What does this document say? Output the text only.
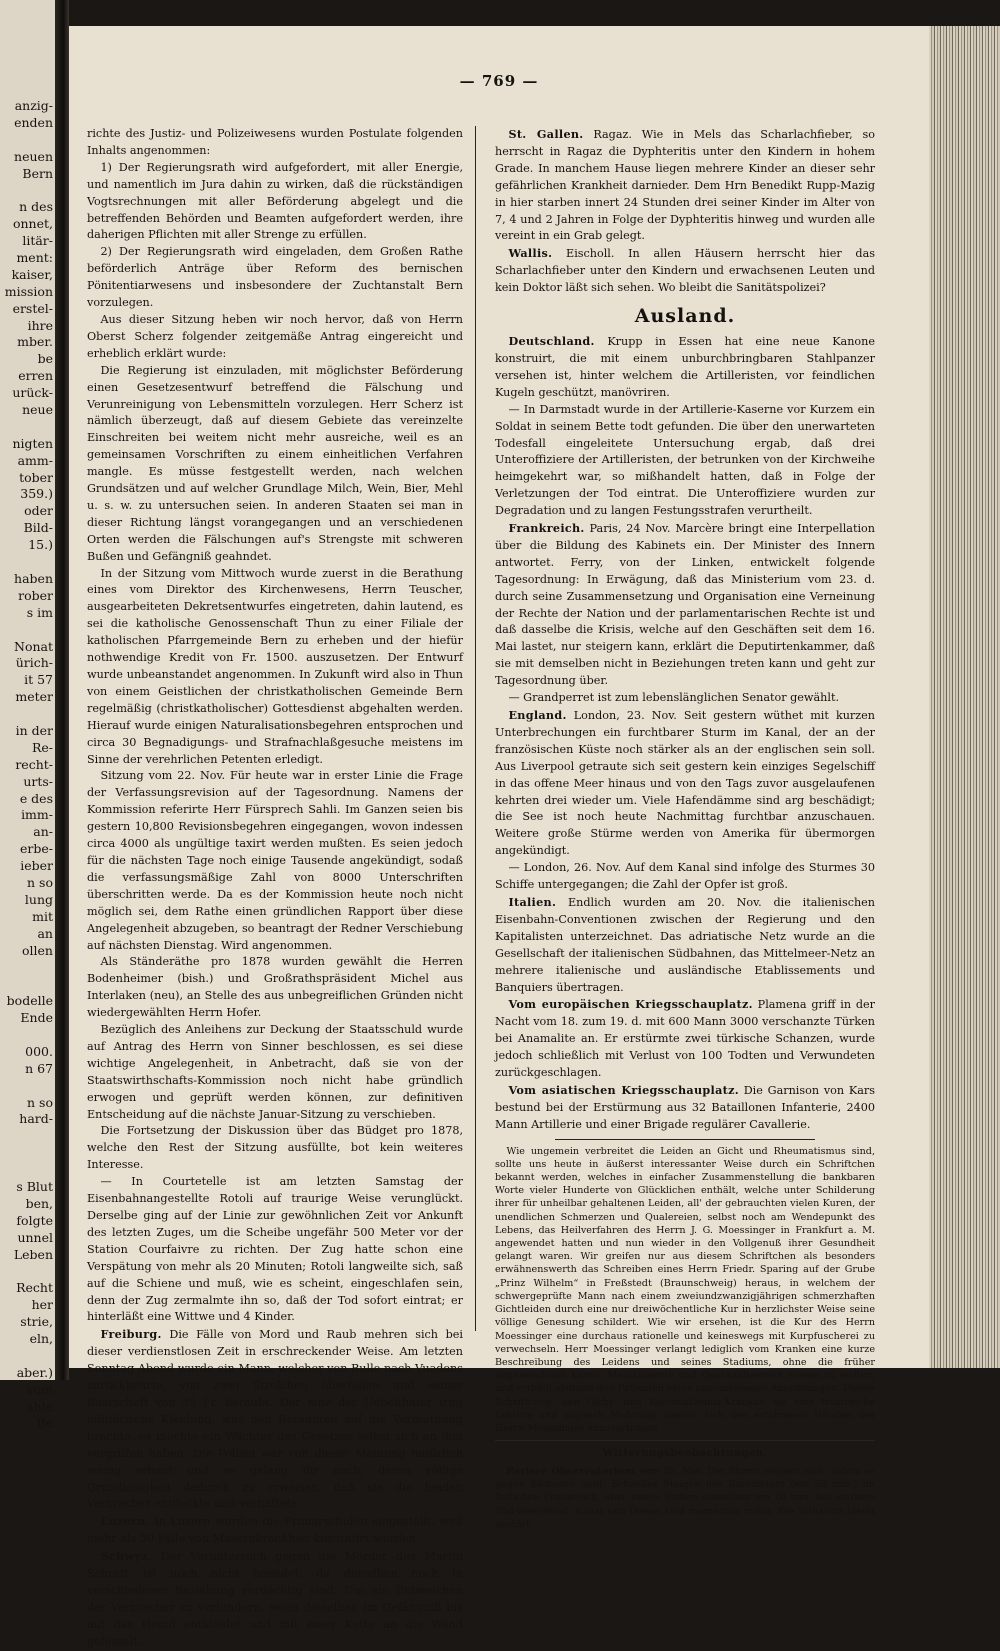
anzig-
enden
neuen
Bern
n des
onnet,
litär-
ment:
kaiser,
mission
erstel-
ihre
mber.
be
erren
urück-
neue
nigten
amm-
tober
359.)
oder
Bild-
15.)
haben
rober
s im
Nonat
ürich-
it 57
meter
in der
Re-
recht-
urts-
e des
imm-
an-
erbe-
ieber
n so
lung
mit
an
ollen
bodelle
Ende
000.
n 67
n so
hard-
s Blut
ben,
folgte
unnel
Leben
Recht
her
strie,
eln,
aber.)
vom
ahle
Be
— 769 —

richte des Justiz- und Polizeiwesens wurden Postulate folgenden Inhalts angenommen:

1) Der Regierungsrath wird aufgefordert, mit aller Energie, und namentlich im Jura dahin zu wirken, daß die rückständigen Vogtsrechnungen mit aller Beförderung abgelegt und die betreffenden Behörden und Beamten aufgefordert werden, ihre daherigen Pflichten mit aller Strenge zu erfüllen.

2) Der Regierungsrath wird eingeladen, dem Großen Rathe beförderlich Anträge über Reform des bernischen Pönitentiarwesens und insbesondere der Zuchtanstalt Bern vorzulegen.

Aus dieser Sitzung heben wir noch hervor, daß von Herrn Oberst Scherz folgender zeitgemäße Antrag eingereicht und erheblich erklärt wurde:

Die Regierung ist einzuladen, mit möglichster Beförderung einen Gesetzesentwurf betreffend die Fälschung und Verunreinigung von Lebensmitteln vorzulegen. Herr Scherz ist nämlich überzeugt, daß auf diesem Gebiete das vereinzelte Einschreiten bei weitem nicht mehr ausreiche, weil es an gemeinsamen Vorschriften zu einem einheitlichen Verfahren mangle. Es müsse festgestellt werden, nach welchen Grundsätzen und auf welcher Grundlage Milch, Wein, Bier, Mehl u. s. w. zu untersuchen seien. In anderen Staaten sei man in dieser Richtung längst vorangegangen und an verschiedenen Orten werden die Fälschungen auf's Strengste mit schweren Bußen und Gefängniß geahndet.

In der Sitzung vom Mittwoch wurde zuerst in die Berathung eines vom Direktor des Kirchenwesens, Herrn Teuscher, ausgearbeiteten Dekretsentwurfes eingetreten, dahin lautend, es sei die katholische Genossenschaft Thun zu einer Filiale der katholischen Pfarrgemeinde Bern zu erheben und der hiefür nothwendige Kredit von Fr. 1500. auszusetzen. Der Entwurf wurde unbeanstandet angenommen. In Zukunft wird also in Thun von einem Geistlichen der christkatholischen Gemeinde Bern regelmäßig (christkatholischer) Gottesdienst abgehalten werden. Hierauf wurde einigen Naturalisationsbegehren entsprochen und circa 30 Begnadigungs- und Strafnachlaßgesuche meistens im Sinne der verehrlichen Petenten erledigt.

Sitzung vom 22. Nov. Für heute war in erster Linie die Frage der Verfassungsrevision auf der Tagesordnung. Namens der Kommission referirte Herr Fürsprech Sahli. Im Ganzen seien bis gestern 10,800 Revisionsbegehren eingegangen, wovon indessen circa 4000 als ungültige taxirt werden mußten. Es seien jedoch für die nächsten Tage noch einige Tausende angekündigt, sodaß die verfassungsmäßige Zahl von 8000 Unterschriften überschritten werde. Da es der Kommission heute noch nicht möglich sei, dem Rathe einen gründlichen Rapport über diese Angelegenheit abzugeben, so beantragt der Redner Verschiebung auf nächsten Dienstag. Wird angenommen.

Als Ständeräthe pro 1878 wurden gewählt die Herren Bodenheimer (bish.) und Großrathspräsident Michel aus Interlaken (neu), an Stelle des aus unbegreiflichen Gründen nicht wiedergewählten Herrn Hofer.

Bezüglich des Anleihens zur Deckung der Staatsschuld wurde auf Antrag des Herrn von Sinner beschlossen, es sei diese wichtige Angelegenheit, in Anbetracht, daß sie von der Staatswirthschafts-Kommission noch nicht habe gründlich erwogen und geprüft werden können, zur definitiven Entscheidung auf die nächste Januar-Sitzung zu verschieben.

Die Fortsetzung der Diskussion über das Büdget pro 1878, welche den Rest der Sitzung ausfüllte, bot kein weiteres Interesse.

— In Courtetelle ist am letzten Samstag der Eisenbahnangestellte Rotoli auf traurige Weise verunglückt. Derselbe ging auf der Linie zur gewöhnlichen Zeit vor Ankunft des letzten Zuges, um die Scheibe ungefähr 500 Meter vor der Station Courfaivre zu richten. Der Zug hatte schon eine Verspätung von mehr als 20 Minuten; Rotoli langweilte sich, saß auf die Schiene und muß, wie es scheint, eingeschlafen sein, denn der Zug zermalmte ihn so, daß der Tod sofort eintrat; er hinterläßt eine Wittwe und 4 Kinder.

Freiburg. Die Fälle von Mord und Raub mehren sich bei dieser verdienstlosen Zeit in erschreckender Weise. Am letzten Sonntag Abend wurde ein Mann, welcher von Bulle nach Vuadens zurückkehrte, von zwei Strolchen überfallen und seiner Baarschaft von 35 Fr. beraubt. Der eine der Uebelthäter trug militärische Kleidung, was den Beraubten auf die Vermuthung brachte, es möchte ein Wächter des Gesetzes selbst sich an ihm vergriffen haben. Die Polizei war von dieser Meinung natürlich wenig erbaut und es gelang ihr auch, deren völlige Grundlosigkeit dadurch zu erweisen, daß sie die beiden Verbrecher entdeckte und verhaftete.

Luzern. In Luzern wurden die Primarschulen eingestellt, weil mehr als 50 Fälle von Masernkrankheit konstatirt wurden.

Schwyz. Der Voruntersuch gegen die Mörder des Martin Schratt ist noch nicht beendet, da dieselben noch in verschiedener Beziehung verdächtig sind. Um ein Entweichen der Verbrecher zu verhindern, seien dieselben im Gefängniß bis auf das Hemd entkleidet und mit einer Kette an die Wand gefesselt.

St. Gallen. Ragaz. Wie in Mels das Scharlachfieber, so herrscht in Ragaz die Dyphteritis unter den Kindern in hohem Grade. In manchem Hause liegen mehrere Kinder an dieser sehr gefährlichen Krankheit darnieder. Dem Hrn Benedikt Rupp-Mazig in hier starben innert 24 Stunden drei seiner Kinder im Alter von 7, 4 und 2 Jahren in Folge der Dyphteritis hinweg und wurden alle vereint in ein Grab gelegt.

Wallis. Eischoll. In allen Häusern herrscht hier das Scharlachfieber unter den Kindern und erwachsenen Leuten und kein Doktor läßt sich sehen. Wo bleibt die Sanitätspolizei?

Ausland.

Deutschland. Krupp in Essen hat eine neue Kanone konstruirt, die mit einem unburchbringbaren Stahlpanzer versehen ist, hinter welchem die Artilleristen, vor feindlichen Kugeln geschützt, manövriren.

— In Darmstadt wurde in der Artillerie-Kaserne vor Kurzem ein Soldat in seinem Bette todt gefunden. Die über den unerwarteten Todesfall eingeleitete Untersuchung ergab, daß drei Unteroffiziere der Artilleristen, der betrunken von der Kirchweihe heimgekehrt war, so mißhandelt hatten, daß in Folge der Verletzungen der Tod eintrat. Die Unteroffiziere wurden zur Degradation und zu langen Festungsstrafen verurtheilt.

Frankreich. Paris, 24 Nov. Marcère bringt eine Interpellation über die Bildung des Kabinets ein. Der Minister des Innern antwortet. Ferry, von der Linken, entwickelt folgende Tagesordnung: In Erwägung, daß das Ministerium vom 23. d. durch seine Zusammensetzung und Organisation eine Verneinung der Rechte der Nation und der parlamentarischen Rechte ist und daß dasselbe die Krisis, welche auf den Geschäften seit dem 16. Mai lastet, nur steigern kann, erklärt die Deputirtenkammer, daß sie mit demselben nicht in Beziehungen treten kann und geht zur Tagesordnung über.

— Grandperret ist zum lebenslänglichen Senator gewählt.

England. London, 23. Nov. Seit gestern wüthet mit kurzen Unterbrechungen ein furchtbarer Sturm im Kanal, der an der französischen Küste noch stärker als an der englischen sein soll. Aus Liverpool getraute sich seit gestern kein einziges Segelschiff in das offene Meer hinaus und von den Tags zuvor ausgelaufenen kehrten drei wieder um. Viele Hafendämme sind arg beschädigt; die See ist noch heute Nachmittag furchtbar anzuschauen. Weitere große Stürme werden von Amerika für übermorgen angekündigt.

— London, 26. Nov. Auf dem Kanal sind infolge des Sturmes 30 Schiffe untergegangen; die Zahl der Opfer ist groß.

Italien. Endlich wurden am 20. Nov. die italienischen Eisenbahn-Conventionen zwischen der Regierung und den Kapitalisten unterzeichnet. Das adriatische Netz wurde an die Gesellschaft der italienischen Südbahnen, das Mittelmeer-Netz an mehrere italienische und ausländische Etablissements und Banquiers übertragen.

Vom europäischen Kriegsschauplatz. Plamena griff in der Nacht vom 18. zum 19. d. mit 600 Mann 3000 verschanzte Türken bei Anamalite an. Er erstürmte zwei türkische Schanzen, wurde jedoch schließlich mit Verlust von 100 Todten und Verwundeten zurückgeschlagen.

Vom asiatischen Kriegsschauplatz. Die Garnison von Kars bestund bei der Erstürmung aus 32 Bataillonen Infanterie, 2400 Mann Artillerie und einer Brigade regulärer Cavallerie.

Wie ungemein verbreitet die Leiden an Gicht und Rheumatismus sind, sollte uns heute in äußerst interessanter Weise durch ein Schriftchen bekannt werden, welches in einfacher Zusammenstellung die bankbaren Worte vieler Hunderte von Glücklichen enthält, welche unter Schilderung ihrer für unheilbar gehaltenen Leiden, all' der gebrauchten vielen Kuren, der unendlichen Schmerzen und Qualereien, selbst noch am Wendepunkt des Lebens, das Heilverfahren des Herrn J. G. Moessinger in Frankfurt a. M. angewendet hatten und nun wieder in den Vollgenuß ihrer Gesundheit gelangt waren. Wir greifen nur aus diesem Schriftchen als besonders erwähnenswerth das Schreiben eines Herrn Friedr. Sparing auf der Grube „Prinz Wilhelm“ in Freßstedt (Braunschweig) heraus, in welchem der schwergeprüfte Mann nach einem zweiundzwanzigjährigen schmerzhaften Gichtleiden durch eine nur dreiwöchentliche Kur in herzlichster Weise seine völlige Genesung schildert. Wie wir ersehen, ist die Kur des Herrn Moessinger eine durchaus rationelle und keineswegs mit Kurpfuscherei zu verwechseln. Herr Moessinger verlangt lediglich vom Kranken eine kurze Beschreibung des Leidens und seines Stadiums, ohne die früher angewendeten Kuren, Medikamente und Quacksalbereien wissen zu wollen, und ertheilt alsdann den Patienten seine angemessenen Anordnungen. Dieses Schriftchen, den Gicht- und Rheumatismus-Kranken als eine trostreiche Lektüre und zugleich Mahnung dienen, sich den erfahrenen Händen des Herrn Moessinger anzuvertrauen.

Witterungsbeobachtungen.

Pariser Observatorium vom 26. Nov. Der Sturm steigert sich, indem er gegen Südosten geht. Schnelles Steigen des Barometers (um 20 mm.) im östlichen Frankreich, aber neues Sinken desselben um 10 mm. bei starkem Süd-West-Wind. Kanal und Ozean sind momentan ruhig. Die Situation bleibt gestört.
